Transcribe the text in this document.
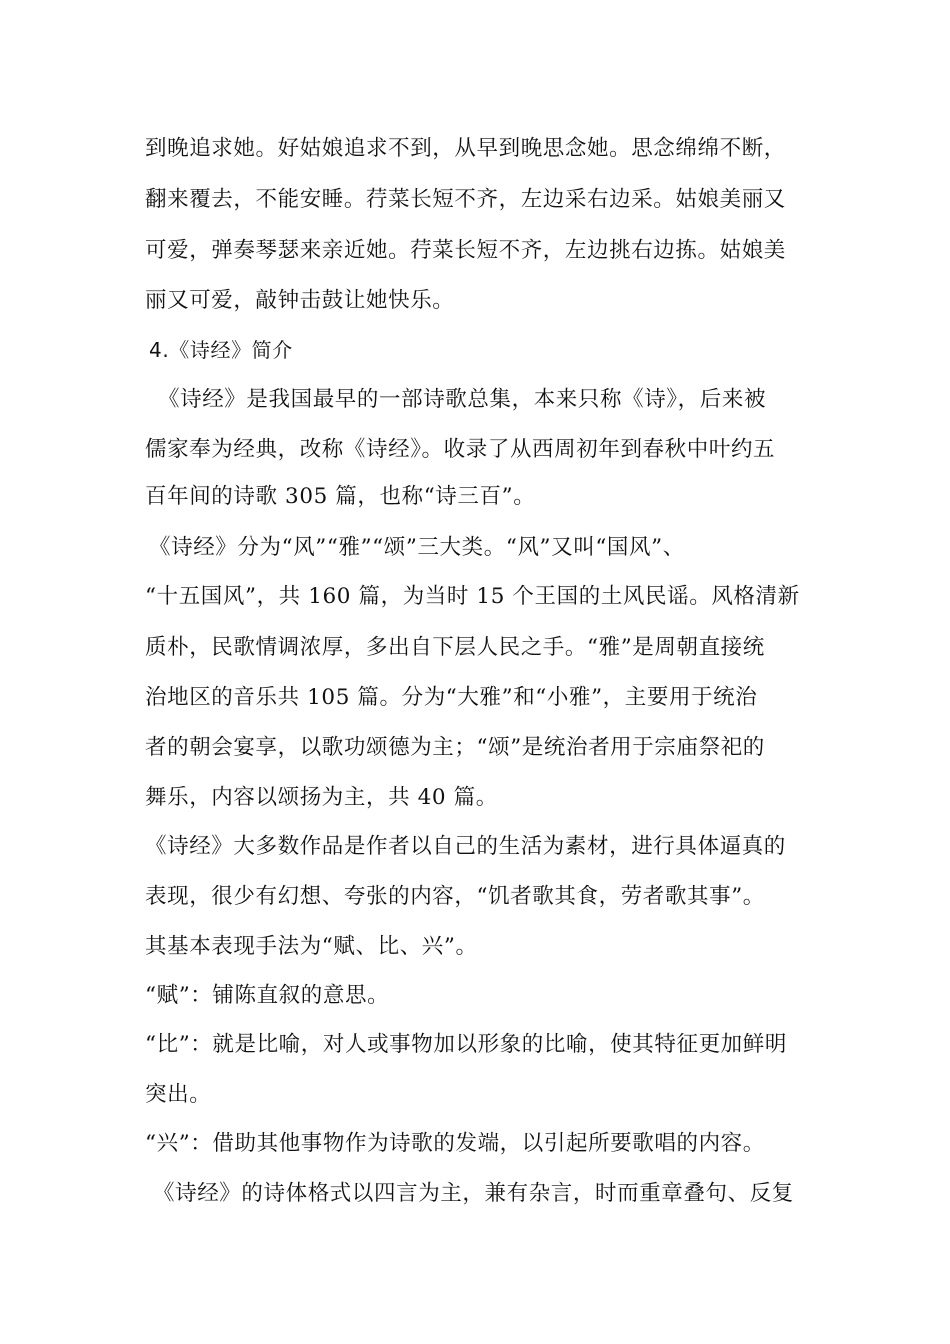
到晚追求她。好姑娘追求不到，从早到晚思念她。思念绵绵不断，
翻来覆去，不能安睡。荇菜长短不齐，左边采右边采。姑娘美丽又
可爱，弹奏琴瑟来亲近她。荇菜长短不齐，左边挑右边拣。姑娘美
丽又可爱，敲钟击鼓让她快乐。
4.《诗经》简介
《诗经》是我国最早的一部诗歌总集，本来只称《诗》，后来被
儒家奉为经典，改称《诗经》。收录了从西周初年到春秋中叶约五
百年间的诗歌 305 篇，也称“诗三百”。
《诗经》分为“风”“雅”“颂”三大类。“风”又叫“国风”、
“十五国风”，共 160 篇，为当时 15 个王国的土风民谣。风格清新
质朴，民歌情调浓厚，多出自下层人民之手。“雅”是周朝直接统
治地区的音乐共 105 篇。分为“大雅”和“小雅”，主要用于统治
者的朝会宴享，以歌功颂德为主；“颂”是统治者用于宗庙祭祀的
舞乐，内容以颂扬为主，共 40 篇。
《诗经》大多数作品是作者以自己的生活为素材，进行具体逼真的
表现，很少有幻想、夸张的内容，“饥者歌其食，劳者歌其事”。
其基本表现手法为“赋、比、兴”。
“赋”：铺陈直叙的意思。
“比”：就是比喻，对人或事物加以形象的比喻，使其特征更加鲜明
突出。
“兴”：借助其他事物作为诗歌的发端，以引起所要歌唱的内容。
《诗经》的诗体格式以四言为主，兼有杂言，时而重章叠句、反复
